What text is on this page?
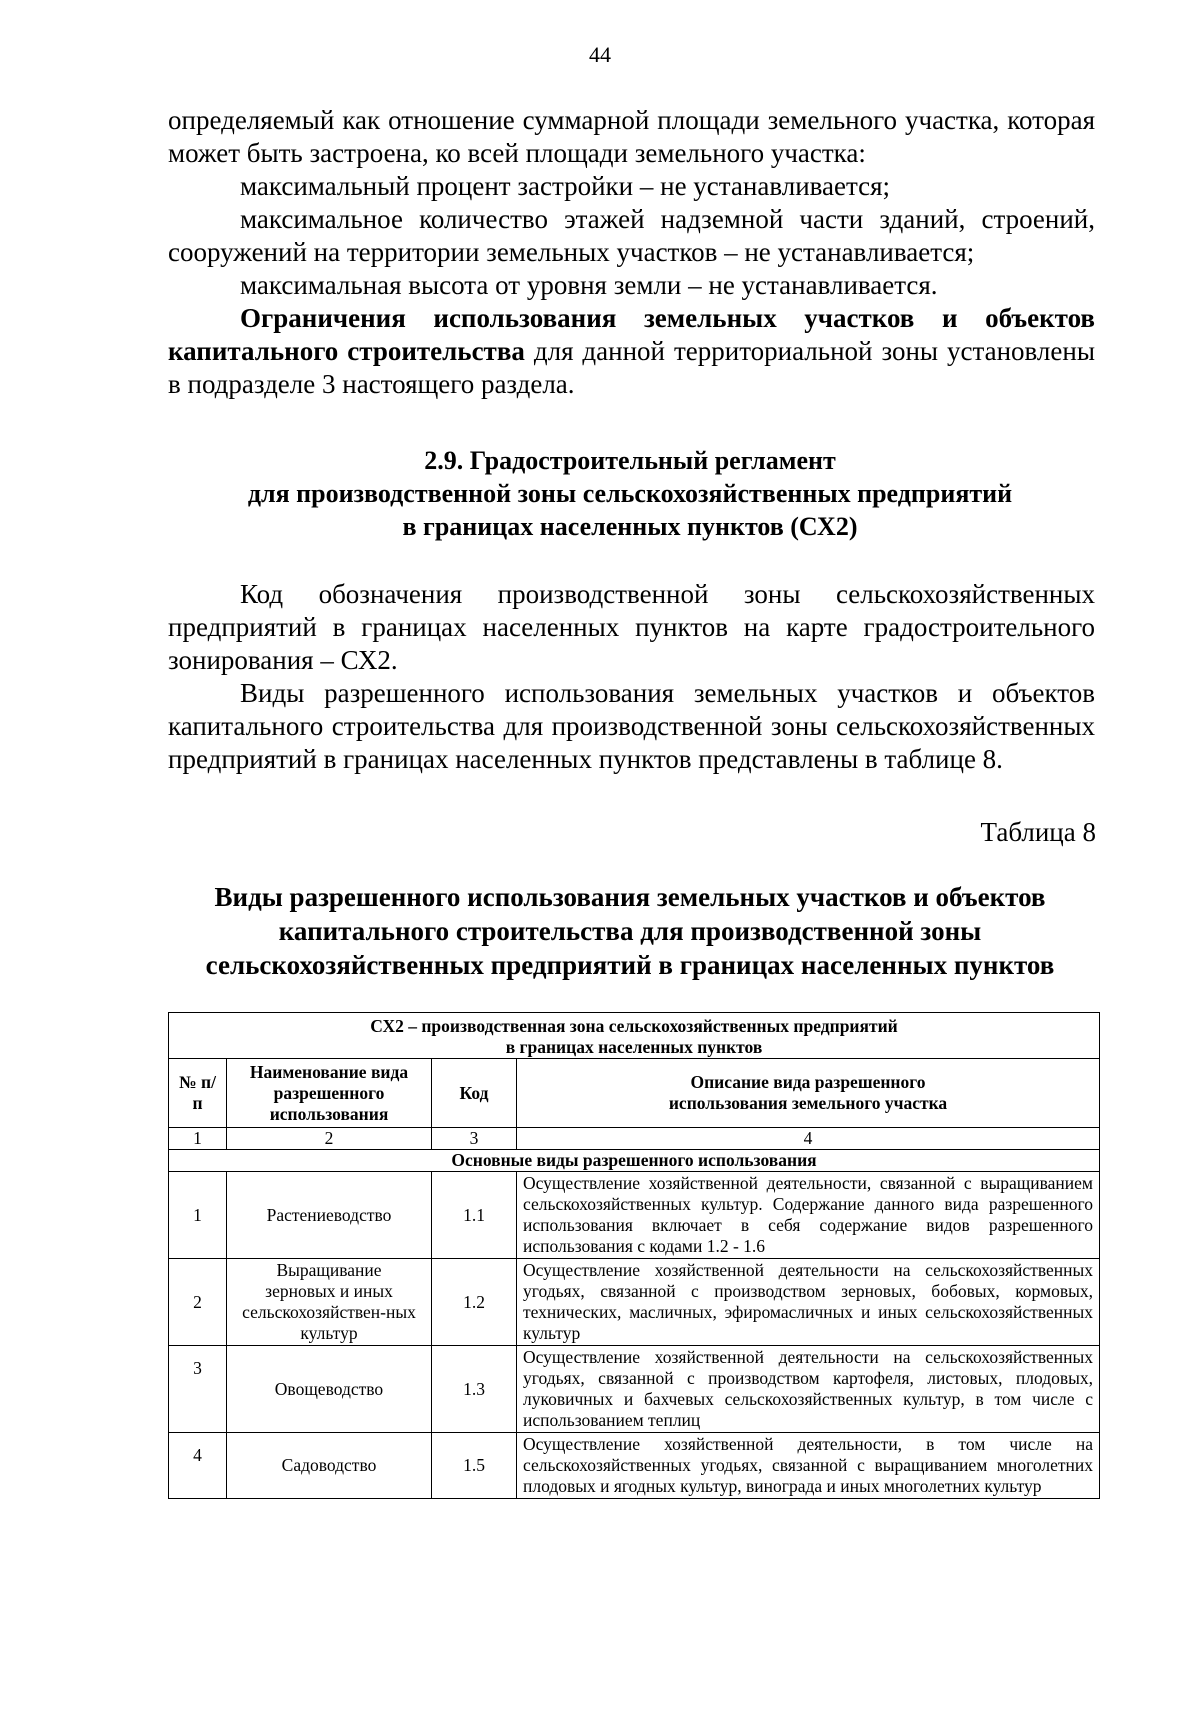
44

определяемый как отношение суммарной площади земельного участка, которая может быть застроена, ко всей площади земельного участка:

максимальный процент застройки – не устанавливается;

максимальное количество этажей надземной части зданий, строений, сооружений на территории земельных участков – не устанавливается;

максимальная высота от уровня земли – не устанавливается.

Ограничения использования земельных участков и объектов капитального строительства для данной территориальной зоны установлены в подразделе 3 настоящего раздела.

2.9. Градостроительный регламент
для производственной зоны сельскохозяйственных предприятий
в границах населенных пунктов (СХ2)

Код обозначения производственной зоны сельскохозяйственных предприятий в границах населенных пунктов на карте градостроительного зонирования – СХ2.

Виды разрешенного использования земельных участков и объектов капитального строительства для производственной зоны сельскохозяйственных предприятий в границах населенных пунктов представлены в таблице 8.

Таблица 8
Виды разрешенного использования земельных участков и объектов
капитального строительства для производственной зоны
сельскохозяйственных предприятий в границах населенных пунктов
СХ2 – производственная зона сельскохозяйственных предприятий
в границах населенных пунктов			

№ п/п	Наименование вида разрешенного использования	Код	Описание вида разрешенного использования земельного участка
1	2	3	4
Основные виды разрешенного использования			
1	Растениеводство	1.1	Осуществление хозяйственной деятельности, связанной с выращиванием сельскохозяйственных культур. Содержание данного вида разрешенного использования включает в себя содержание видов разрешенного использования с кодами 1.2 - 1.6
2	Выращивание зерновых и иных сельскохозяйствен-ных культур	1.2	Осуществление хозяйственной деятельности на сельскохозяйственных угодьях, связанной с производством зерновых, бобовых, кормовых, технических, масличных, эфиромасличных и иных сельскохозяйственных культур
3	Овощеводство	1.3	Осуществление хозяйственной деятельности на сельскохозяйственных угодьях, связанной с производством картофеля, листовых, плодовых, луковичных и бахчевых сельскохозяйственных культур, в том числе с использованием теплиц
4	Садоводство	1.5	Осуществление хозяйственной деятельности, в том числе на сельскохозяйственных угодьях, связанной с выращиванием многолетних плодовых и ягодных культур, винограда и иных многолетних культур
